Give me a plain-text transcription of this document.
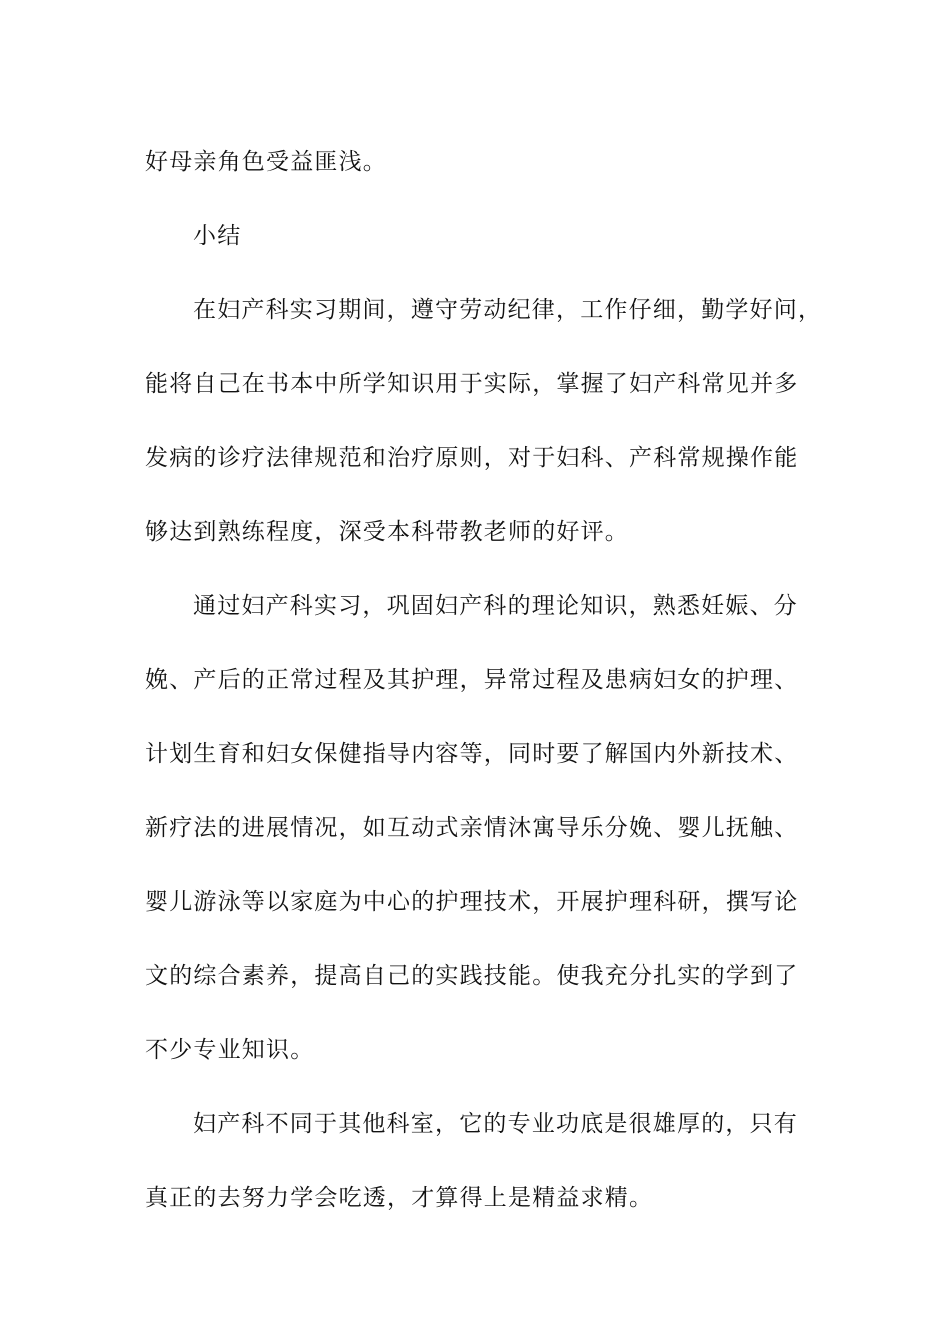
好母亲角色受益匪浅。
小结
在妇产科实习期间，遵守劳动纪律，工作仔细，勤学好问，
能将自己在书本中所学知识用于实际，掌握了妇产科常见并多
发病的诊疗法律规范和治疗原则，对于妇科、产科常规操作能
够达到熟练程度，深受本科带教老师的好评。
通过妇产科实习，巩固妇产科的理论知识，熟悉妊娠、分
娩、产后的正常过程及其护理，异常过程及患病妇女的护理、
计划生育和妇女保健指导内容等，同时要了解国内外新技术、
新疗法的进展情况，如互动式亲情沐寓导乐分娩、婴儿抚触、
婴儿游泳等以家庭为中心的护理技术，开展护理科研，撰写论
文的综合素养，提高自己的实践技能。使我充分扎实的学到了
不少专业知识。
妇产科不同于其他科室，它的专业功底是很雄厚的，只有
真正的去努力学会吃透，才算得上是精益求精。
